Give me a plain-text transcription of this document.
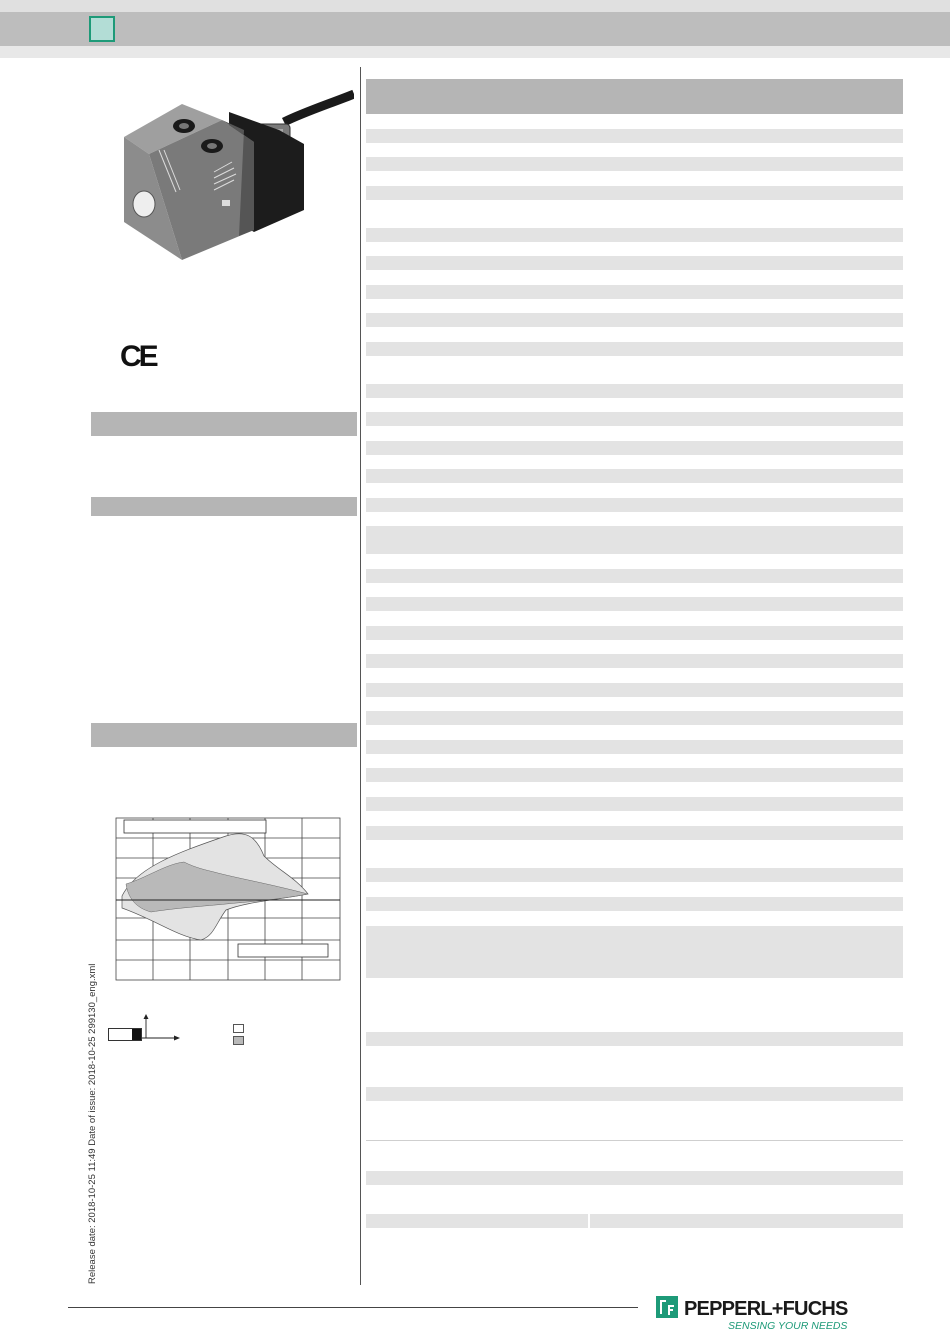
CE
Release date: 2018-10-25 11:49 Date of issue: 2018-10-25 299130_eng.xml
PEPPERL+FUCHS
SENSING YOUR NEEDS
